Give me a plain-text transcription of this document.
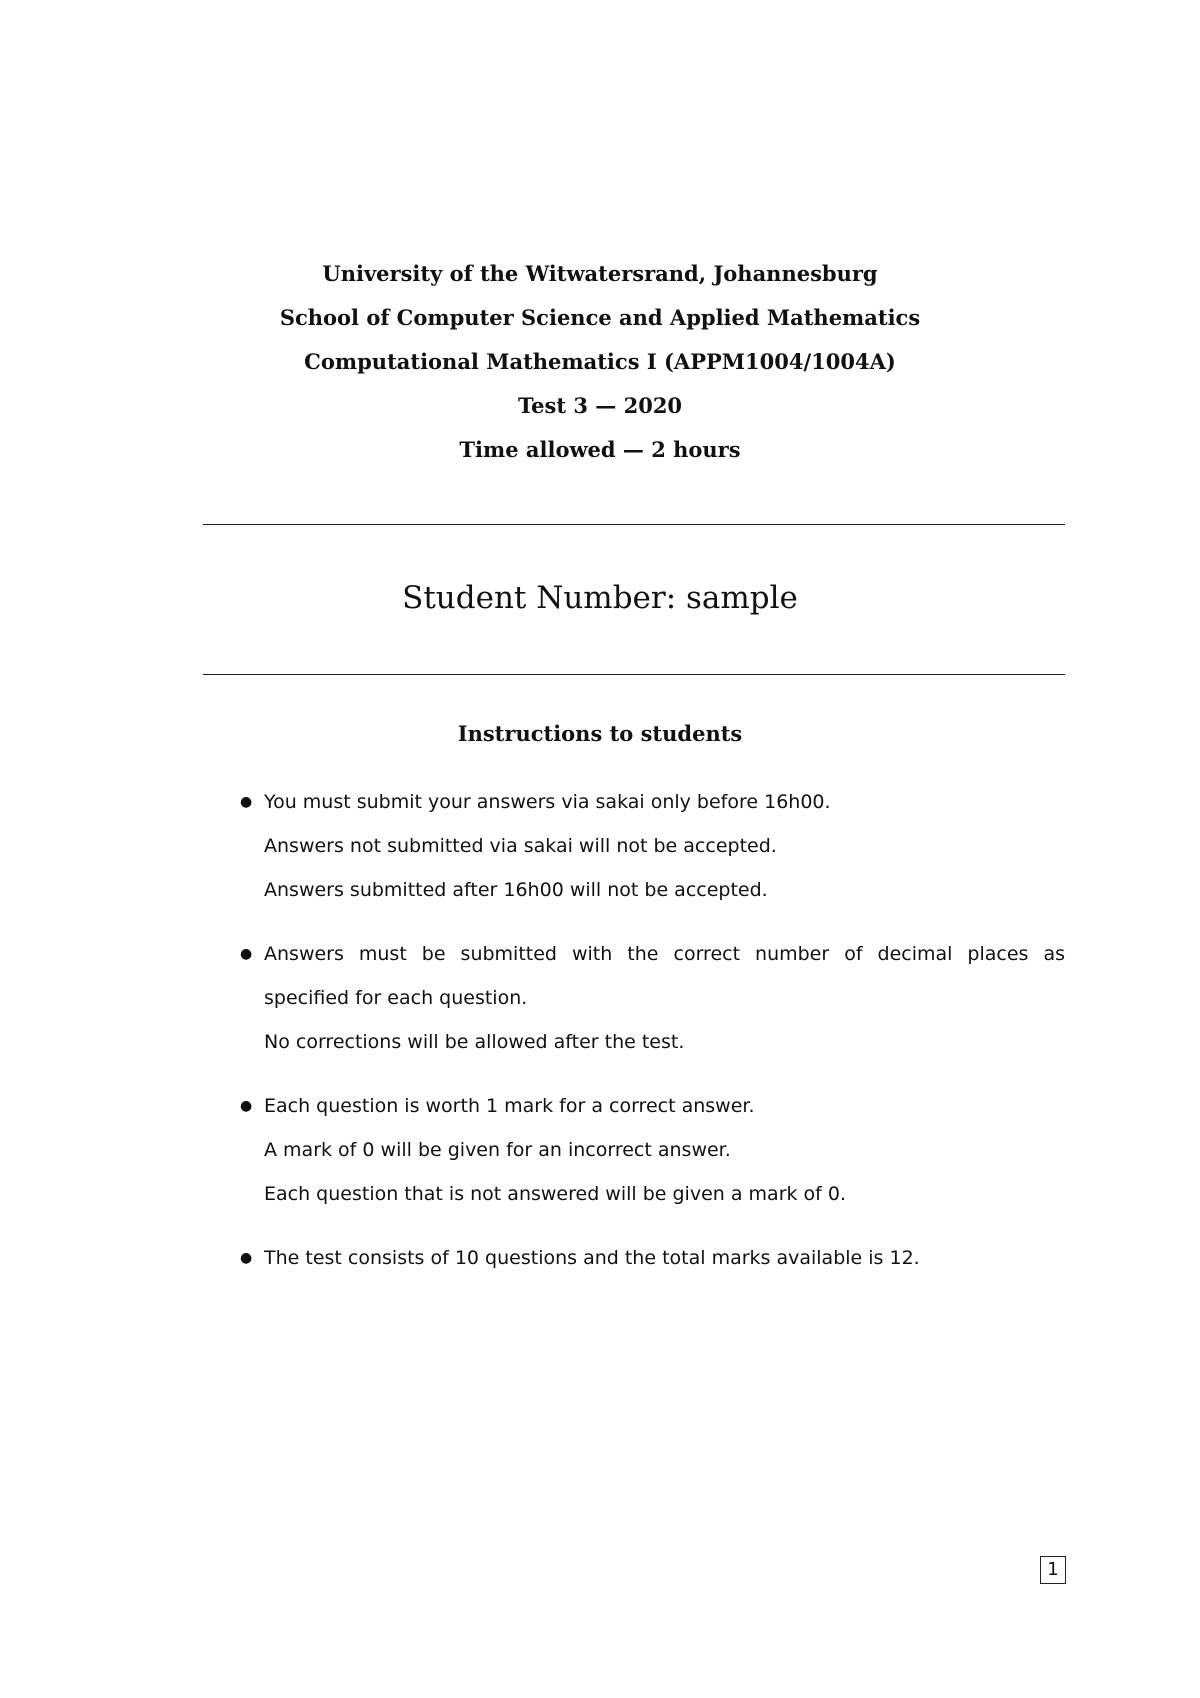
University of the Witwatersrand, Johannesburg
School of Computer Science and Applied Mathematics
Computational Mathematics I (APPM1004/1004A)
Test 3 — 2020
Time allowed — 2 hours
Student Number: sample
Instructions to students
● You must submit your answers via sakai only before 16h00.
Answers not submitted via sakai will not be accepted.
Answers submitted after 16h00 will not be accepted.
● Answers must be submitted with the correct number of decimal places as
specified for each question.
No corrections will be allowed after the test.
● Each question is worth 1 mark for a correct answer.
A mark of 0 will be given for an incorrect answer.
Each question that is not answered will be given a mark of 0.
● The test consists of 10 questions and the total marks available is 12.
1
